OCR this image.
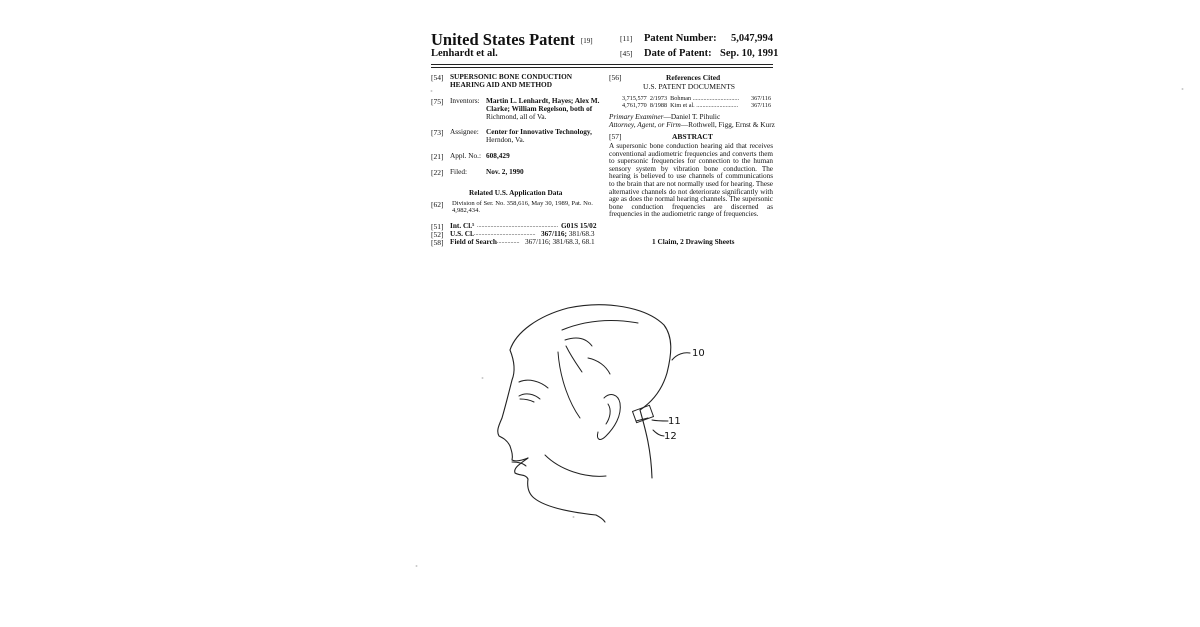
United States Patent [19]
Lenhardt et al.
[11] Patent Number: 5,047,994
[45] Date of Patent: Sep. 10, 1991
[54] SUPERSONIC BONE CONDUCTION
HEARING AID AND METHOD
[75] Inventors: Martin L. Lenhardt, Hayes; Alex M.
Clarke; William Regelson, both of
Richmond, all of Va.
[73] Assignee: Center for Innovative Technology,
Herndon, Va.
[21] Appl. No.: 608,429
[22] Filed:	Nov. 2, 1990
Related U.S. Application Data
[62] Division of Ser. No. 358,616, May 30, 1989, Pat. No.
4,982,434.
[51] Int. Cl.⁵ ...................................................... G01S 15/02
[52] U.S. Cl. ......................................... 367/116; 381/68.3
[58] Field of Search ............... 367/116; 381/68.3, 68.1
[56]	References Cited
U.S. PATENT DOCUMENTS
3,715,577 2/1973 Bohman .............................. 367/116
4,761,770 8/1988 Kim et al. ........................... 367/116
Primary Examiner—Daniel T. Pihulic
Attorney, Agent, or Firm—Rothwell, Figg, Ernst & Kurz
[57]	ABSTRACT
A supersonic bone conduction hearing aid that receives conventional audiometric frequencies and converts them to supersonic frequencies for connection to the human sensory system by vibration bone conduction. The hearing is believed to use channels of communications to the brain that are not normally used for hearing. These alternative channels do not deteriorate significantly with age as does the normal hearing channels. The supersonic bone conduction frequencies are discerned as frequencies in the audiometric range of frequencies.
1 Claim, 2 Drawing Sheets
10
11
12
